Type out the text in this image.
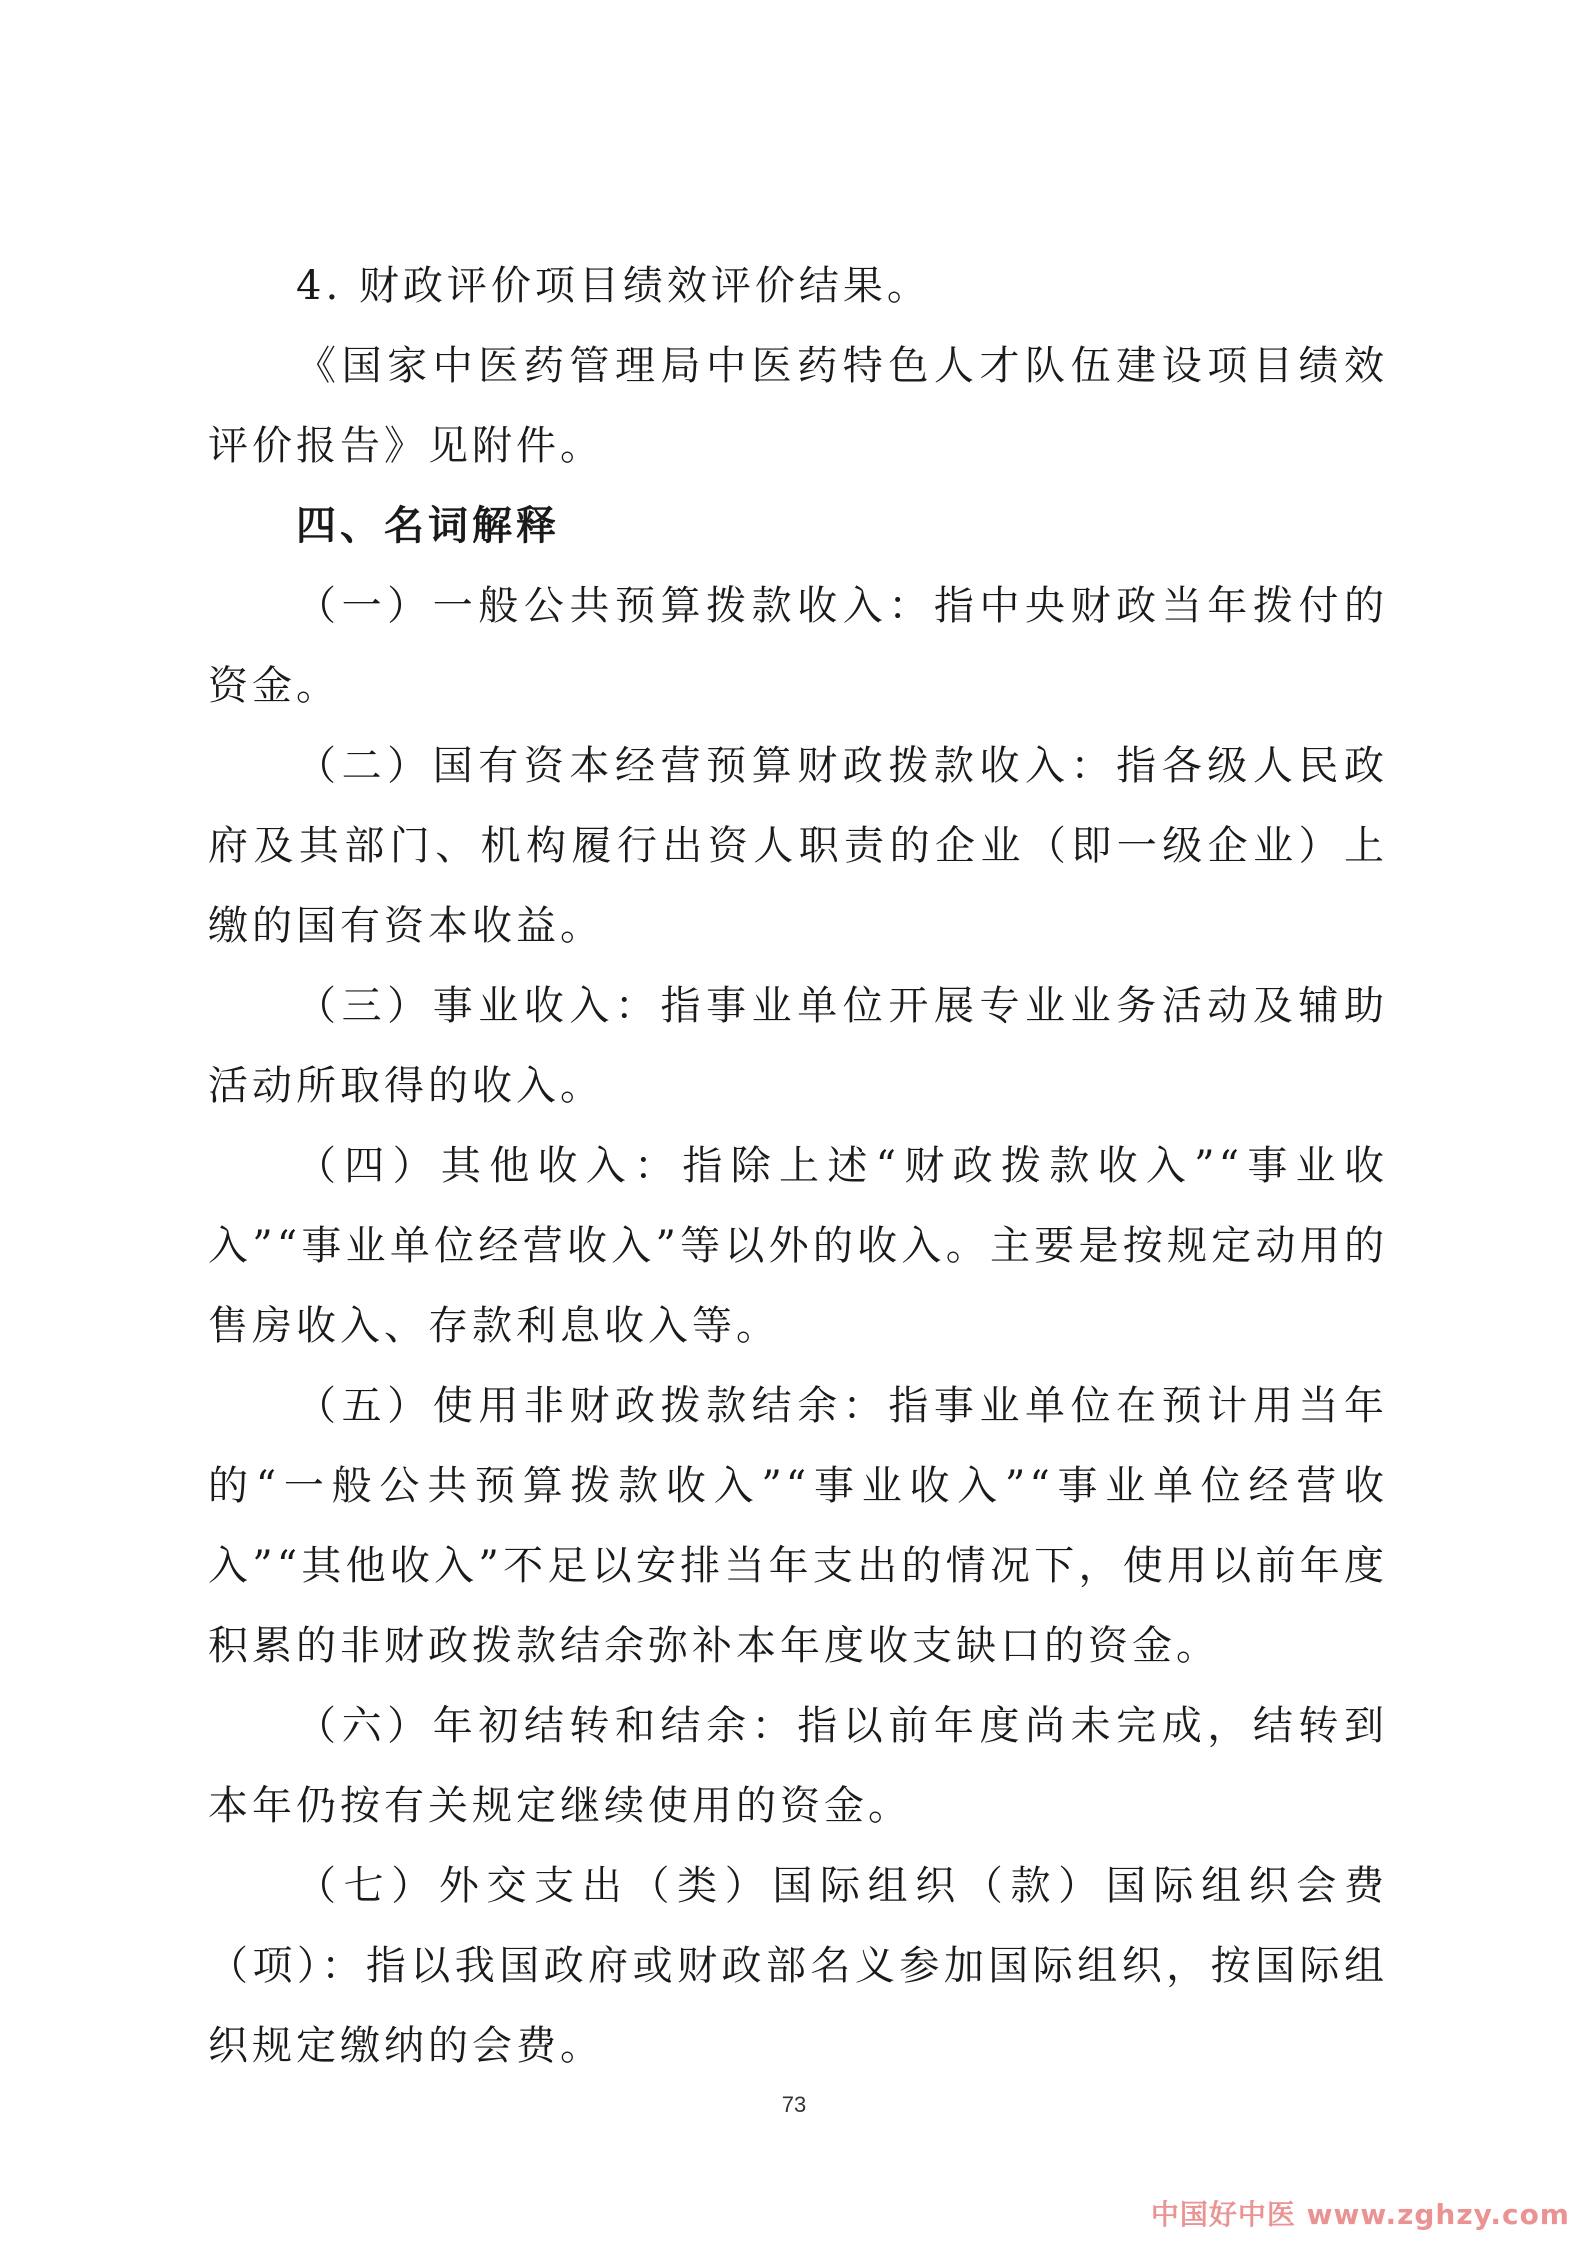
4. 财政评价项目绩效评价结果。

《国家中医药管理局中医药特色人才队伍建设项目绩效评价报告》见附件。

四、名词解释

（一）一般公共预算拨款收入：指中央财政当年拨付的资金。

（二）国有资本经营预算财政拨款收入：指各级人民政府及其部门、机构履行出资人职责的企业（即一级企业）上缴的国有资本收益。

（三）事业收入：指事业单位开展专业业务活动及辅助活动所取得的收入。

（四）其他收入：指除上述“财政拨款收入”“事业收入”“事业单位经营收入”等以外的收入。主要是按规定动用的售房收入、存款利息收入等。

（五）使用非财政拨款结余：指事业单位在预计用当年的“一般公共预算拨款收入”“事业收入”“事业单位经营收入”“其他收入”不足以安排当年支出的情况下，使用以前年度积累的非财政拨款结余弥补本年度收支缺口的资金。

（六）年初结转和结余：指以前年度尚未完成，结转到本年仍按有关规定继续使用的资金。

（七）外交支出（类）国际组织（款）国际组织会费（项）：指以我国政府或财政部名义参加国际组织，按国际组织规定缴纳的会费。

73
中国好中医 www.zghzy.com
